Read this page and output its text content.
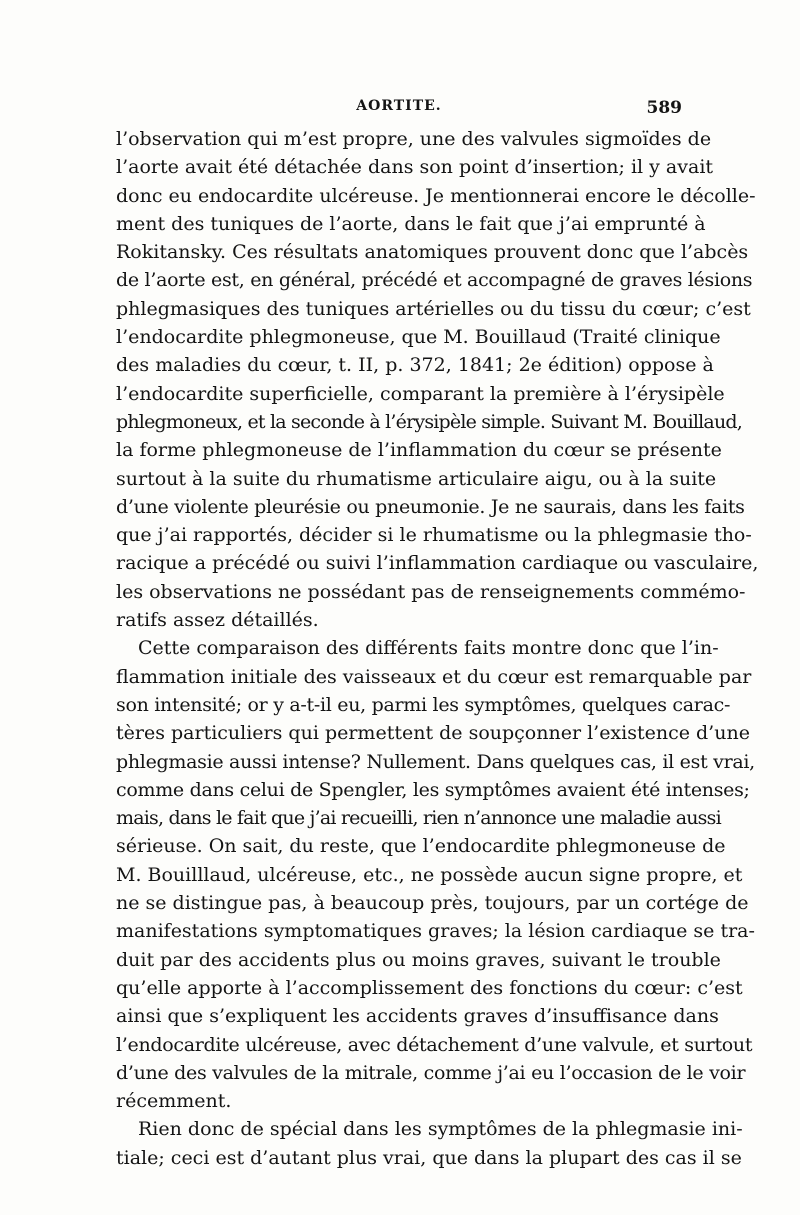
AORTITE.	589
l’observation qui m’est propre, une des valvules sigmoïdes de
l’aorte avait été détachée dans son point d’insertion; il y avait
donc eu endocardite ulcéreuse. Je mentionnerai encore le décolle-
ment des tuniques de l’aorte, dans le fait que j’ai emprunté à
Rokitansky. Ces résultats anatomiques prouvent donc que l’abcès
de l’aorte est, en général, précédé et accompagné de graves lésions
phlegmasiques des tuniques artérielles ou du tissu du cœur; c’est
l’endocardite phlegmoneuse, que M. Bouillaud (Traité clinique
des maladies du cœur, t. II, p. 372, 1841; 2e édition) oppose à
l’endocardite superficielle, comparant la première à l’érysipèle
phlegmoneux, et la seconde à l’érysipèle simple. Suivant M. Bouillaud,
la forme phlegmoneuse de l’inflammation du cœur se présente
surtout à la suite du rhumatisme articulaire aigu, ou à la suite
d’une violente pleurésie ou pneumonie. Je ne saurais, dans les faits
que j’ai rapportés, décider si le rhumatisme ou la phlegmasie tho-
racique a précédé ou suivi l’inflammation cardiaque ou vasculaire,
les observations ne possédant pas de renseignements commémo-
ratifs assez détaillés.
Cette comparaison des différents faits montre donc que l’in-
flammation initiale des vaisseaux et du cœur est remarquable par
son intensité; or y a-t-il eu, parmi les symptômes, quelques carac-
tères particuliers qui permettent de soupçonner l’existence d’une
phlegmasie aussi intense? Nullement. Dans quelques cas, il est vrai,
comme dans celui de Spengler, les symptômes avaient été intenses;
mais, dans le fait que j’ai recueilli, rien n’annonce une maladie aussi
sérieuse. On sait, du reste, que l’endocardite phlegmoneuse de
M. Bouilllaud, ulcéreuse, etc., ne possède aucun signe propre, et
ne se distingue pas, à beaucoup près, toujours, par un cortége de
manifestations symptomatiques graves; la lésion cardiaque se tra-
duit par des accidents plus ou moins graves, suivant le trouble
qu’elle apporte à l’accomplissement des fonctions du cœur: c’est
ainsi que s’expliquent les accidents graves d’insuffisance dans
l’endocardite ulcéreuse, avec détachement d’une valvule, et surtout
d’une des valvules de la mitrale, comme j’ai eu l’occasion de le voir
récemment.
Rien donc de spécial dans les symptômes de la phlegmasie ini-
tiale; ceci est d’autant plus vrai, que dans la plupart des cas il se
